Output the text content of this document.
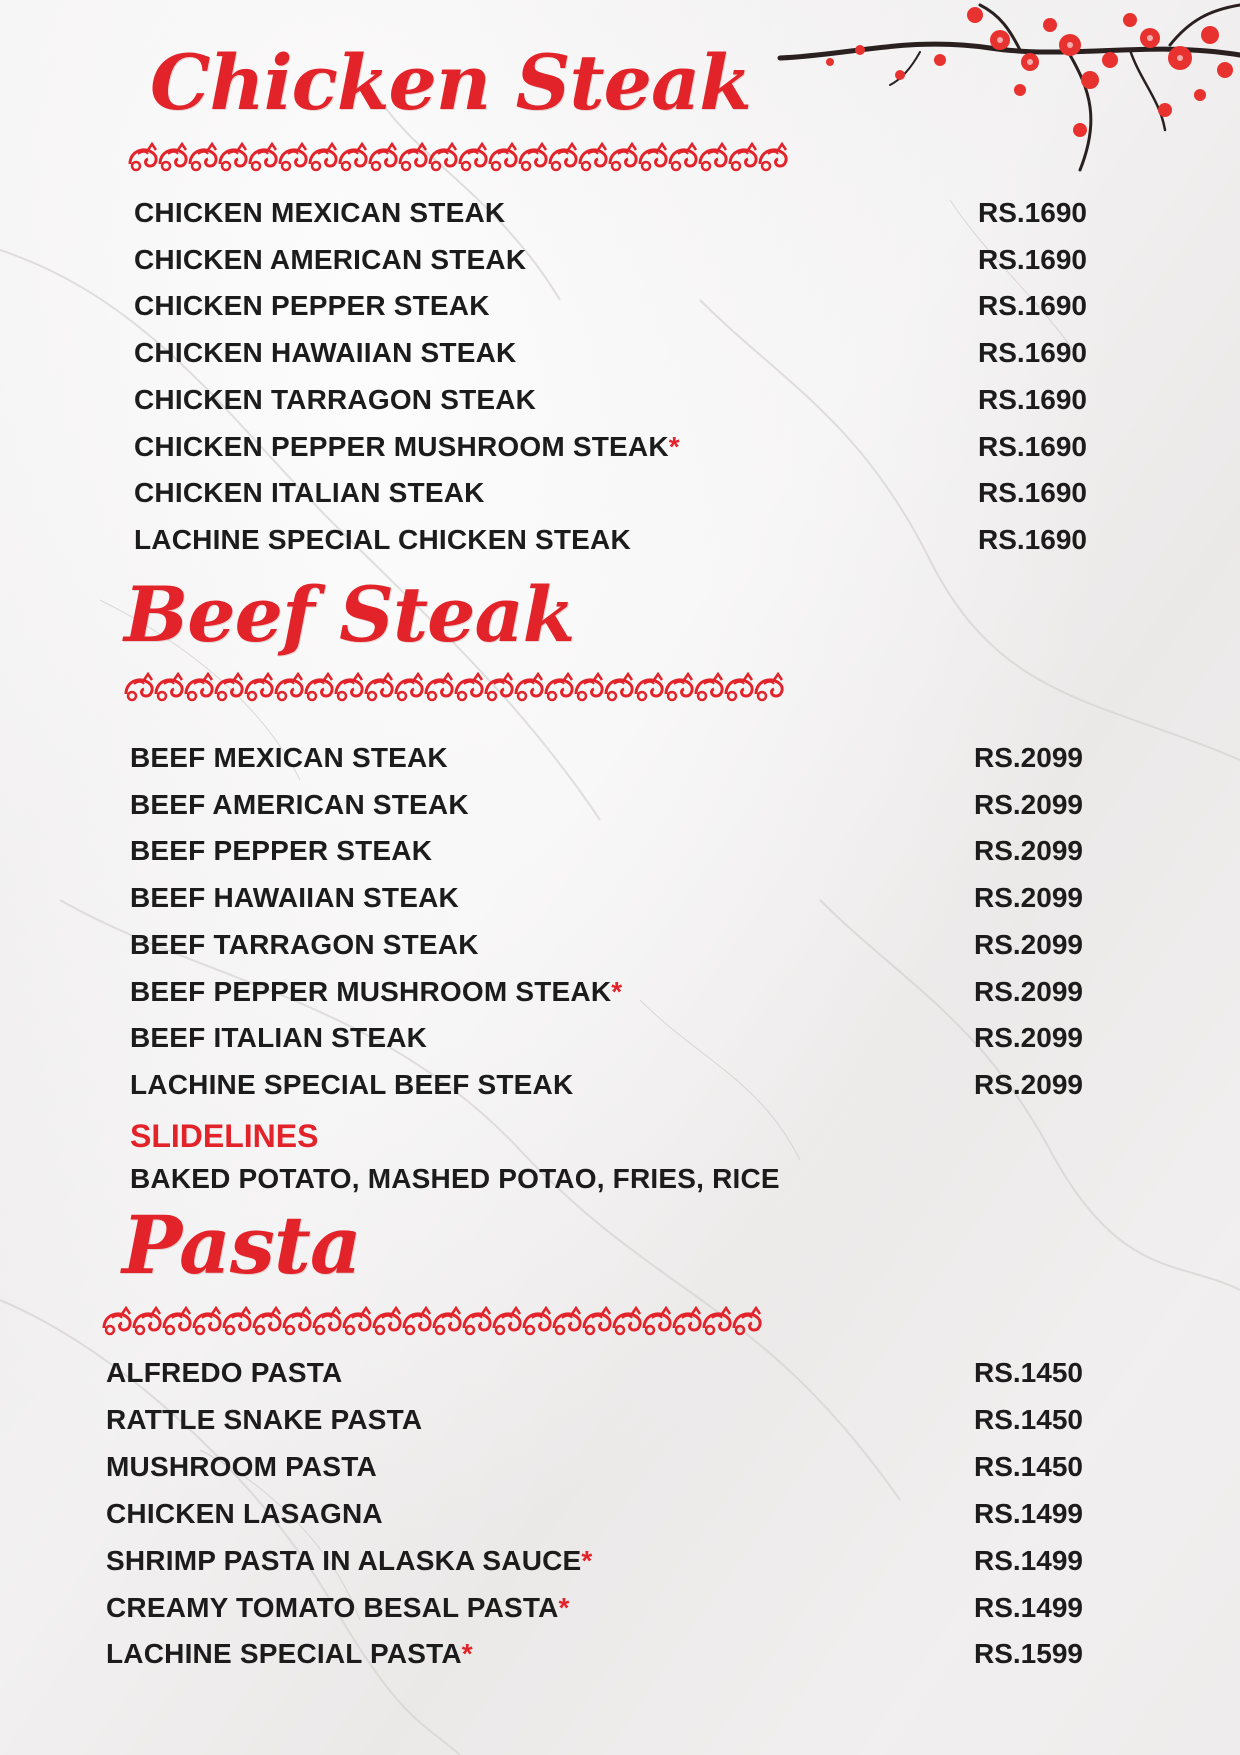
Chicken Steak
CHICKEN MEXICAN STEAK	RS.1690
CHICKEN AMERICAN STEAK	RS.1690
CHICKEN PEPPER STEAK	RS.1690
CHICKEN HAWAIIAN STEAK	RS.1690
CHICKEN TARRAGON STEAK	RS.1690
CHICKEN PEPPER MUSHROOM STEAK*	RS.1690
CHICKEN ITALIAN STEAK	RS.1690
LACHINE SPECIAL CHICKEN STEAK	RS.1690
Beef Steak
BEEF MEXICAN STEAK	RS.2099
BEEF AMERICAN STEAK	RS.2099
BEEF PEPPER STEAK	RS.2099
BEEF HAWAIIAN STEAK	RS.2099
BEEF TARRAGON STEAK	RS.2099
BEEF PEPPER MUSHROOM STEAK*	RS.2099
BEEF ITALIAN STEAK	RS.2099
LACHINE SPECIAL BEEF STEAK	RS.2099
SLIDELINES
BAKED POTATO, MASHED POTAO, FRIES, RICE
Pasta
ALFREDO PASTA	RS.1450
RATTLE SNAKE PASTA	RS.1450
MUSHROOM PASTA	RS.1450
CHICKEN LASAGNA	RS.1499
SHRIMP PASTA IN ALASKA SAUCE*	RS.1499
CREAMY TOMATO BESAL PASTA*	RS.1499
LACHINE SPECIAL PASTA*	RS.1599
